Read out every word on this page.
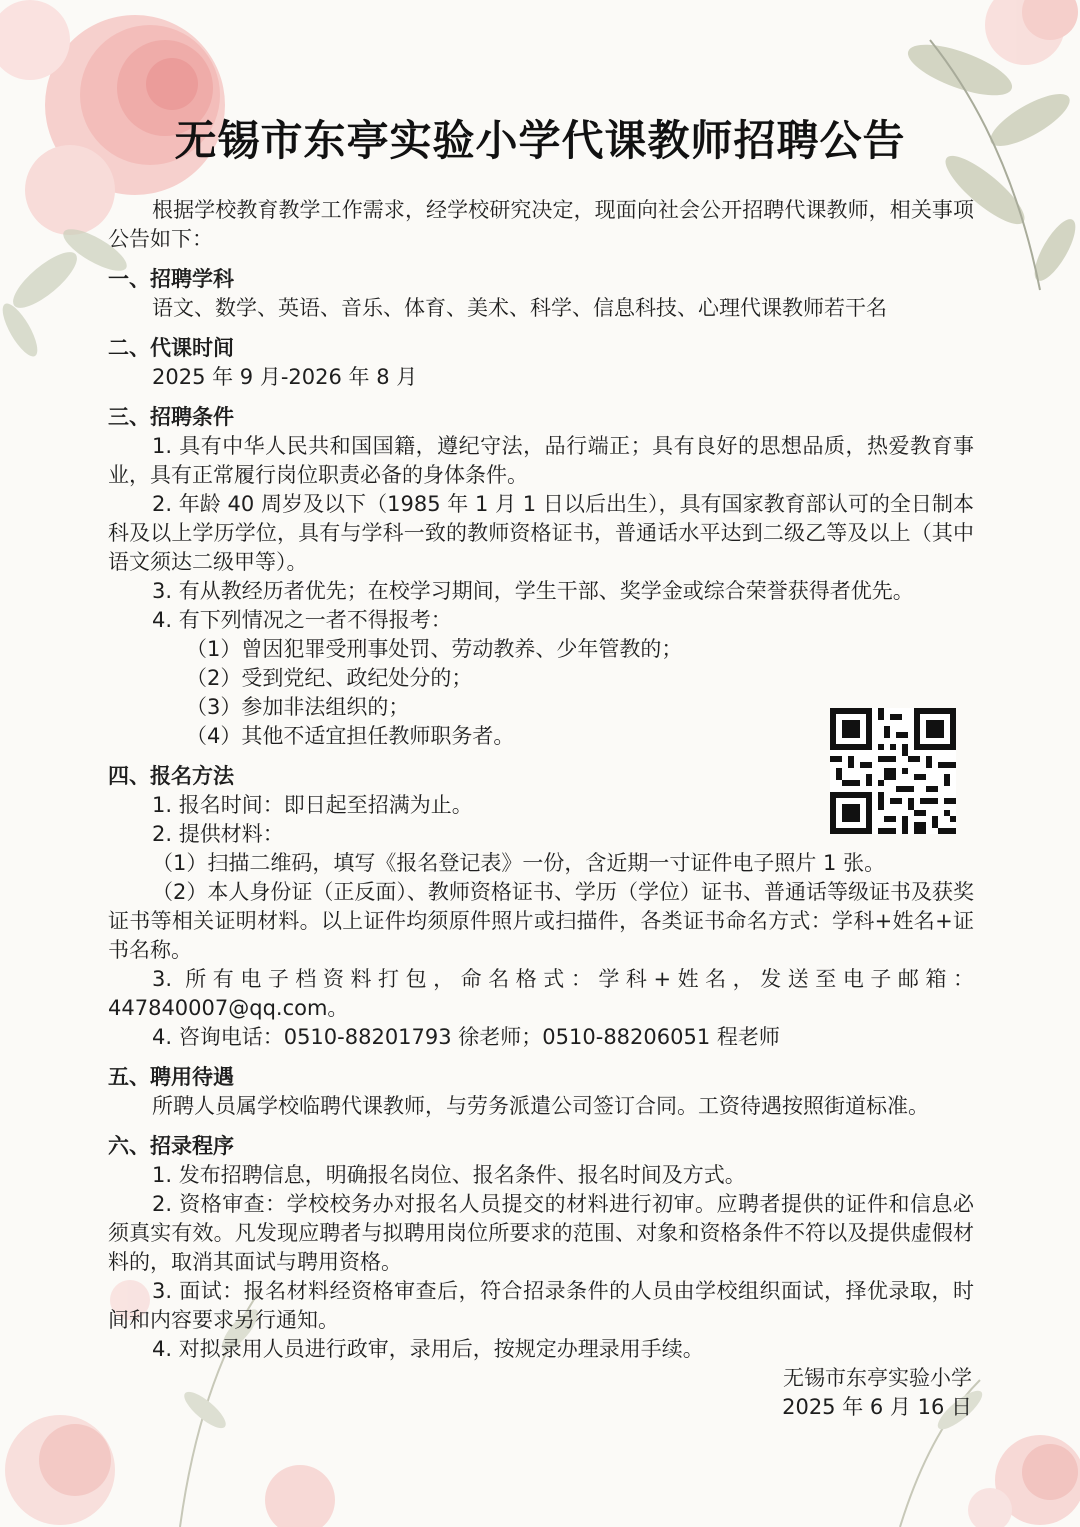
无锡市东亭实验小学代课教师招聘公告
根据学校教育教学工作需求，经学校研究决定，现面向社会公开招聘代课教师，相关事项公告如下：
一、招聘学科
语文、数学、英语、音乐、体育、美术、科学、信息科技、心理代课教师若干名
二、代课时间
2025 年 9 月-2026 年 8 月
三、招聘条件
1. 具有中华人民共和国国籍，遵纪守法，品行端正；具有良好的思想品质，热爱教育事业，具有正常履行岗位职责必备的身体条件。
2. 年龄 40 周岁及以下（1985 年 1 月 1 日以后出生），具有国家教育部认可的全日制本科及以上学历学位，具有与学科一致的教师资格证书，普通话水平达到二级乙等及以上（其中语文须达二级甲等）。
3. 有从教经历者优先；在校学习期间，学生干部、奖学金或综合荣誉获得者优先。
4. 有下列情况之一者不得报考：
（1）曾因犯罪受刑事处罚、劳动教养、少年管教的；
（2）受到党纪、政纪处分的；
（3）参加非法组织的；
（4）其他不适宜担任教师职务者。
四、报名方法
1. 报名时间：即日起至招满为止。
2. 提供材料：
（1）扫描二维码，填写《报名登记表》一份，含近期一寸证件电子照片 1 张。
（2）本人身份证（正反面）、教师资格证书、学历（学位）证书、普通话等级证书及获奖证书等相关证明材料。以上证件均须原件照片或扫描件，各类证书命名方式：学科+姓名+证书名称。
3. 所有电子档资料打包，命名格式：学科+姓名，发送至电子邮箱：447840007@qq.com。
4. 咨询电话：0510-88201793 徐老师；0510-88206051 程老师
五、聘用待遇
所聘人员属学校临聘代课教师，与劳务派遣公司签订合同。工资待遇按照街道标准。
六、招录程序
1. 发布招聘信息，明确报名岗位、报名条件、报名时间及方式。
2. 资格审查：学校校务办对报名人员提交的材料进行初审。应聘者提供的证件和信息必须真实有效。凡发现应聘者与拟聘用岗位所要求的范围、对象和资格条件不符以及提供虚假材料的，取消其面试与聘用资格。
3. 面试：报名材料经资格审查后，符合招录条件的人员由学校组织面试，择优录取，时间和内容要求另行通知。
4. 对拟录用人员进行政审，录用后，按规定办理录用手续。
无锡市东亭实验小学
2025 年 6 月 16 日
